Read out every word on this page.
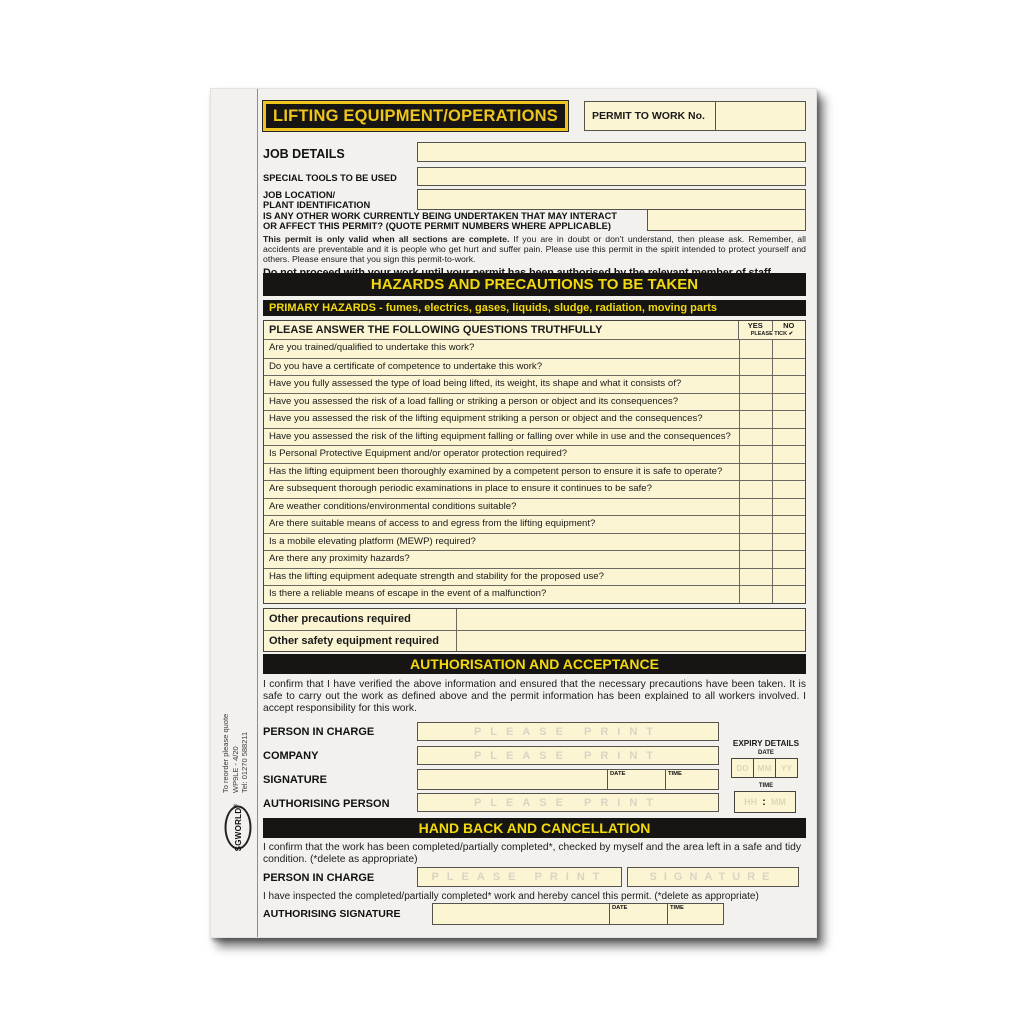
To reorder please quote WP9LE - 4/20 Tel: 01270 588211
SGWORLD®
LIFTING EQUIPMENT/OPERATIONS	PERMIT TO WORK No.
JOB DETAILS
SPECIAL TOOLS TO BE USED
JOB LOCATION/
PLANT IDENTIFICATION
IS ANY OTHER WORK CURRENTLY BEING UNDERTAKEN THAT MAY INTERACT
OR AFFECT THIS PERMIT? (QUOTE PERMIT NUMBERS WHERE APPLICABLE)
This permit is only valid when all sections are complete. If you are in doubt or don't understand, then please ask. Remember, all accidents are preventable and it is people who get hurt and suffer pain. Please use this permit in the spirit intended to protect yourself and others. Please ensure that you sign this permit-to-work.
HAZARDS AND PRECAUTIONS TO BE TAKEN
PRIMARY HAZARDS - fumes, electrics, gases, liquids, sludge, radiation, moving parts
PLEASE ANSWER THE FOLLOWING QUESTIONS TRUTHFULLY	YES	NO
PLEASE TICK ✔
Are you trained/qualified to undertake this work?
Do you have a certificate of competence to undertake this work?
Have you fully assessed the type of load being lifted, its weight, its shape and what it consists of?
Have you assessed the risk of a load falling or striking a person or object and its consequences?
Have you assessed the risk of the lifting equipment striking a person or object and the consequences?
Have you assessed the risk of the lifting equipment falling or falling over while in use and the consequences?
Is Personal Protective Equipment and/or operator protection required?
Has the lifting equipment been thoroughly examined by a competent person to ensure it is safe to operate?
Are subsequent thorough periodic examinations in place to ensure it continues to be safe?
Are weather conditions/environmental conditions suitable?
Are there suitable means of access to and egress from the lifting equipment?
Is a mobile elevating platform (MEWP) required?
Are there any proximity hazards?
Has the lifting equipment adequate strength and stability for the proposed use?
Is there a reliable means of escape in the event of a malfunction?
Other precautions required
Other safety equipment required
AUTHORISATION AND ACCEPTANCE
I confirm that I have verified the above information and ensured that the necessary precautions have been taken. It is safe to carry out the work as defined above and the permit information has been explained to all workers involved. I accept responsibility for this work.
PERSON IN CHARGE	PLEASE PRINT
COMPANY	PLEASE PRINT
SIGNATURE	DATE	TIME
AUTHORISING PERSON	PLEASE PRINT
EXPIRY DETAILS
DATE
DD	MM	YY
TIME
HH : MM
HAND BACK AND CANCELLATION
I confirm that the work has been completed/partially completed*, checked by myself and the area left in a safe and tidy condition. (*delete as appropriate)
PERSON IN CHARGE	PLEASE PRINT	SIGNATURE
I have inspected the completed/partially completed* work and hereby cancel this permit. (*delete as appropriate)
AUTHORISING SIGNATURE	DATE	TIME
